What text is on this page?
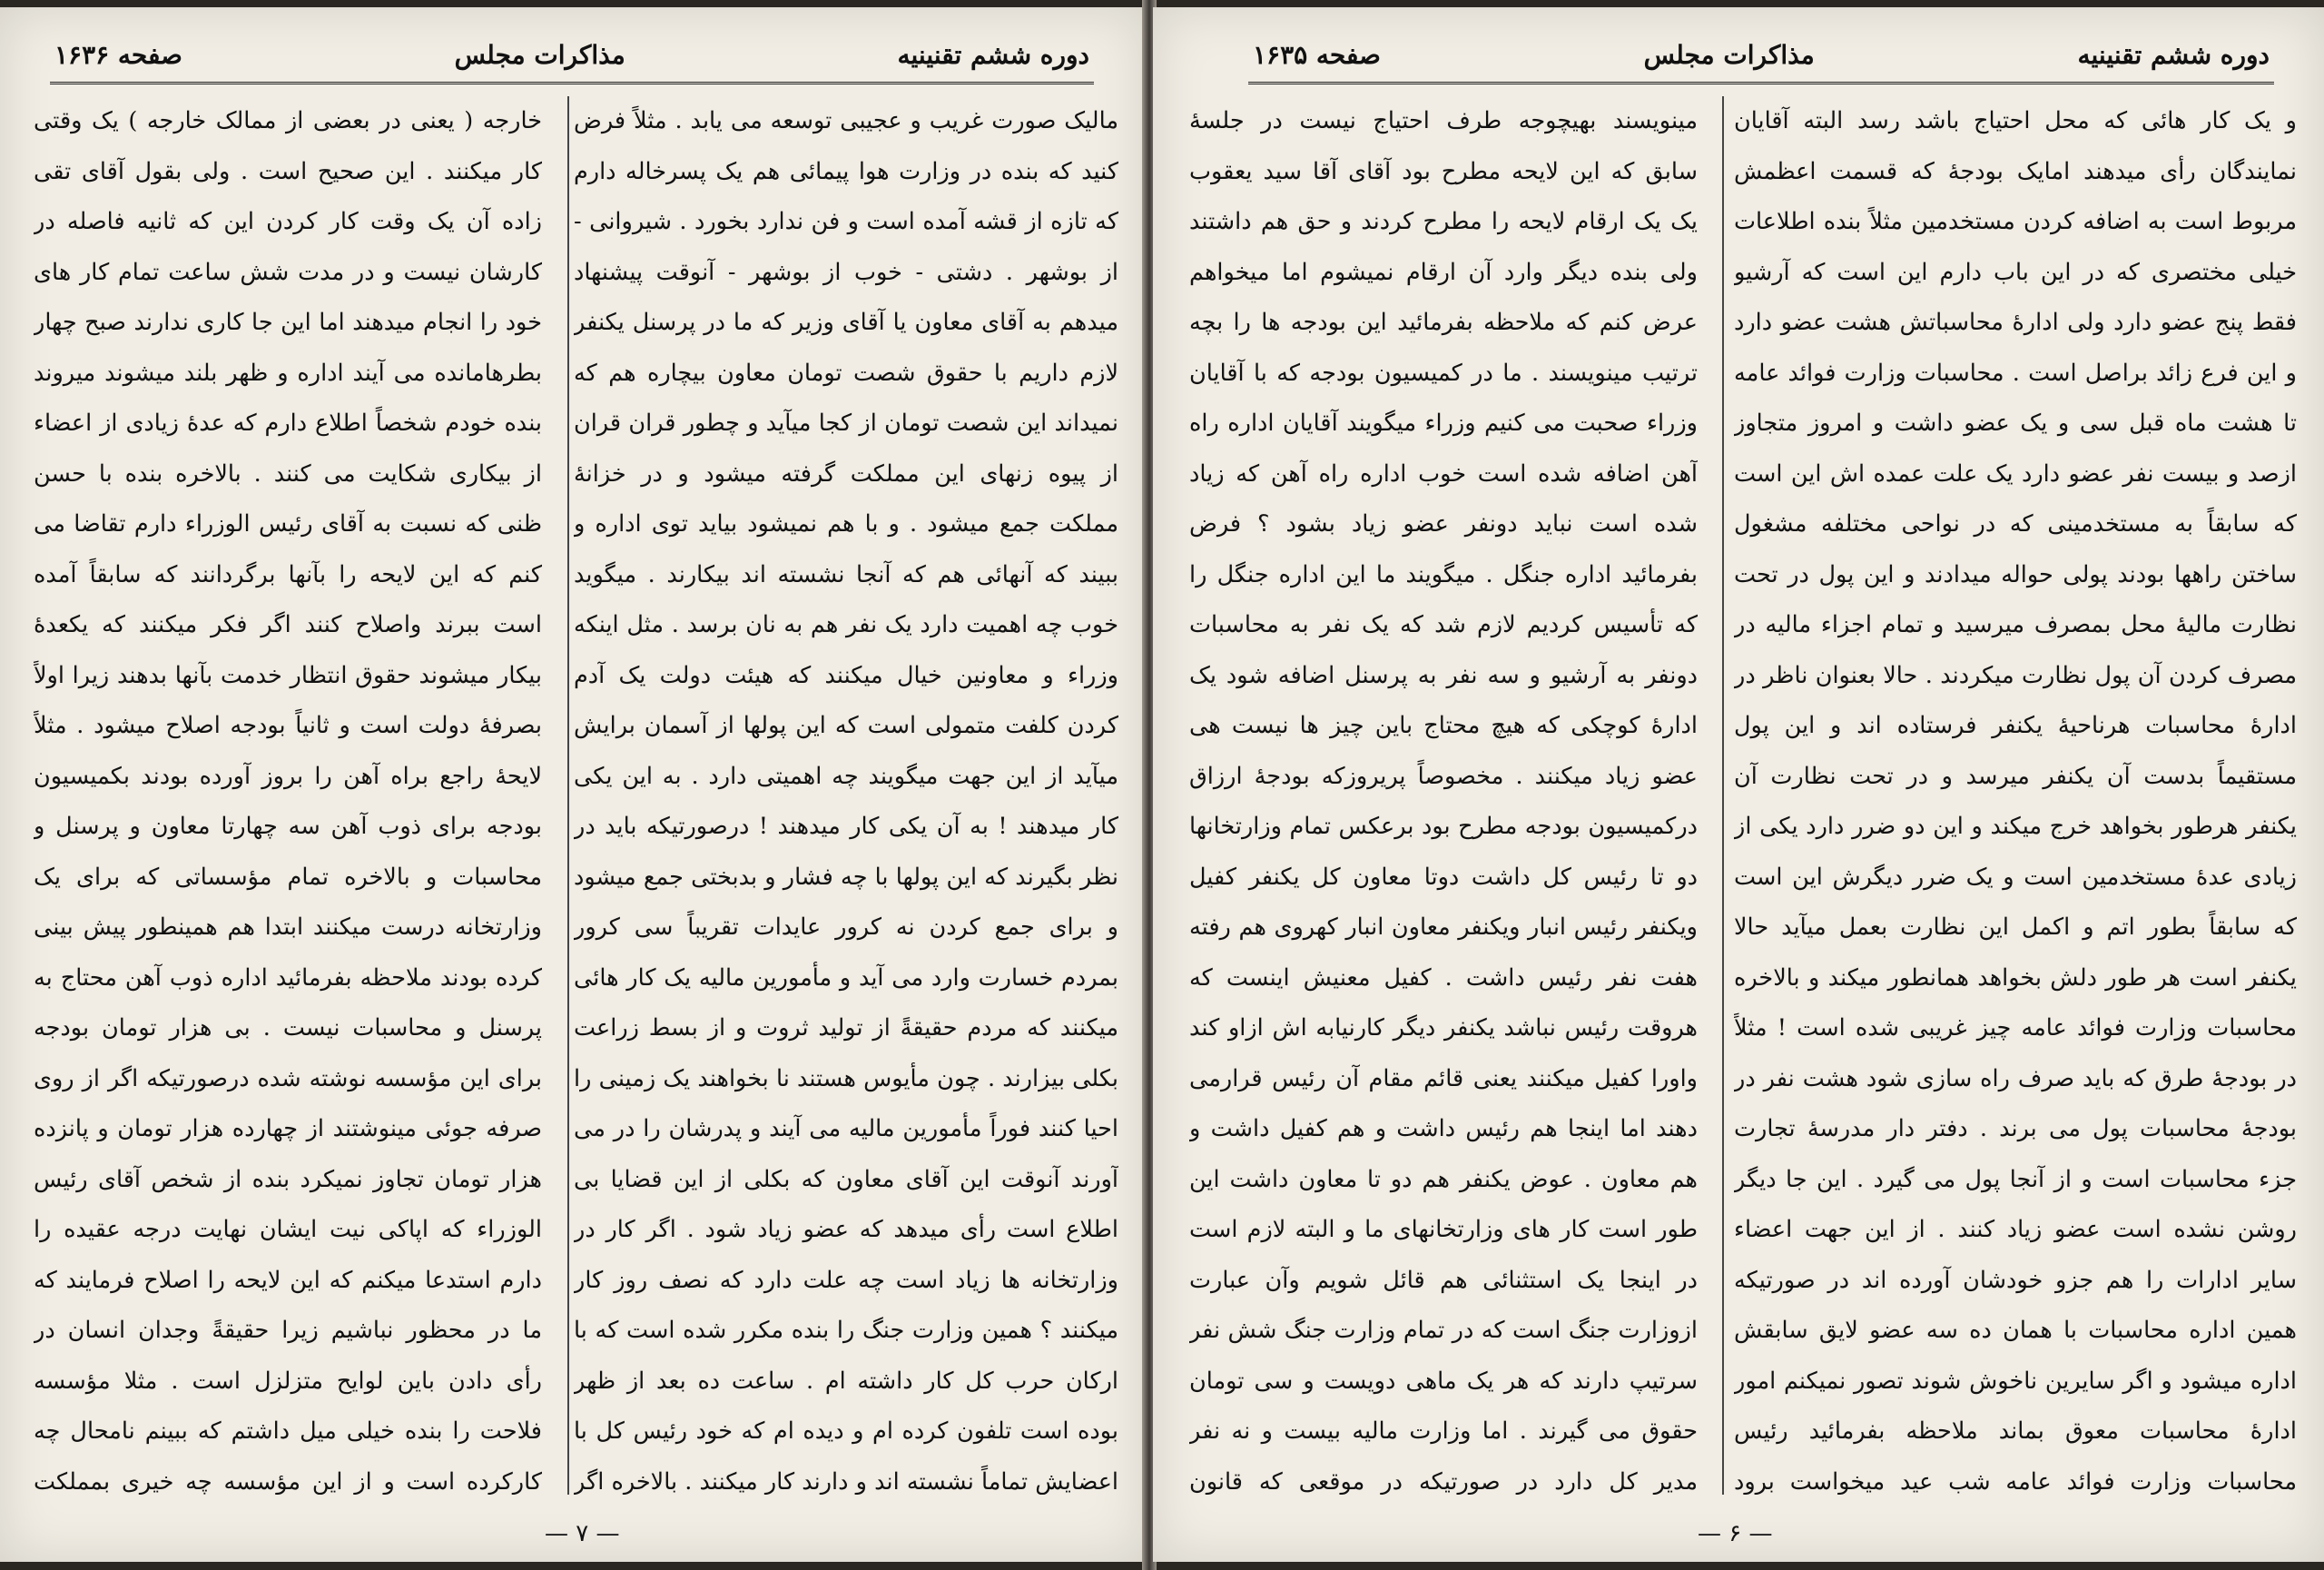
دوره ششم تقنینیه
مذاکرات مجلس
صفحه ۱۶۳۶

مالیک صورت غریب و عجیبی توسعه می یابد . مثلاً فرض کنید که بنده در وزارت هوا پیمائی هم یک پسرخاله دارم که تازه از قشه آمده است و فن ندارد بخورد . شیروانی - از بوشهر . دشتی - خوب از بوشهر - آنوقت پیشنهاد میدهم به آقای معاون یا آقای وزیر که ما در پرسنل یکنفر لازم داریم با حقوق شصت تومان معاون بیچاره هم که نمیداند این شصت تومان از کجا میآید و چطور قران قران از پیوه زنهای این مملکت گرفته میشود و در خزانهٔ مملکت جمع میشود . و با هم نمیشود بیاید توی اداره و ببیند که آنهائی هم که آنجا نشسته اند بیکارند . میگوید خوب چه اهمیت دارد یک نفر هم به نان برسد . مثل اینکه وزراء و معاونین خیال میکنند که هیئت دولت یک آدم کردن کلفت متمولی است که این پولها از آسمان برایش میآید از این جهت میگویند چه اهمیتی دارد . به این یکی کار میدهند ! به آن یکی کار میدهند ! درصورتیکه باید در نظر بگیرند که این پولها با چه فشار و بدبختی جمع میشود و برای جمع کردن نه کرور عایدات تقریباً سی کرور بمردم خسارت وارد می آید و مأمورین مالیه یک کار هائی میکنند که مردم حقیقةً از تولید ثروت و از بسط زراعت بکلی بیزارند . چون مأیوس هستند نا بخواهند یک زمینی را احیا کنند فوراً مأمورین مالیه می آیند و پدرشان را در می آورند آنوقت این آقای معاون که بکلی از این قضایا بی اطلاع است رأی میدهد که عضو زیاد شود . اگر کار در وزارتخانه ها زیاد است چه علت دارد که نصف روز کار میکنند ؟ همین وزارت جنگ را بنده مکرر شده است که با ارکان حرب کل کار داشته ام . ساعت ده بعد از ظهر بوده است تلفون کرده ام و دیده ام که خود رئیس کل با اعضایش تماماً نشسته اند و دارند کار میکنند . بالاخره اگر

خارجه ( یعنی در بعضی از ممالک خارجه ) یک وقتی کار میکنند . این صحیح است . ولی بقول آقای تقی زاده آن یک وقت کار کردن این که ثانیه فاصله در کارشان نیست و در مدت شش ساعت تمام کار های خود را انجام میدهند اما این جا کاری ندارند صبح چهار بطرهامانده می آیند اداره و ظهر بلند میشوند میروند بنده خودم شخصاً اطلاع دارم که عدهٔ زیادی از اعضاء از بیکاری شکایت می کنند . بالاخره بنده با حسن ظنی که نسبت به آقای رئیس الوزراء دارم تقاضا می کنم که این لایحه را بآنها برگردانند که سابقاً آمده است ببرند واصلاح کنند اگر فکر میکنند که یکعدهٔ بیکار میشوند حقوق انتظار خدمت بآنها بدهند زیرا اولاً بصرفهٔ دولت است و ثانیاً بودجه اصلاح میشود . مثلاً لایحهٔ راجع براه آهن را بروز آورده بودند بکمیسیون بودجه برای ذوب آهن سه چهارتا معاون و پرسنل و محاسبات و بالاخره تمام مؤسساتی که برای یک وزارتخانه درست میکنند ابتدا هم همینطور پیش بینی کرده بودند ملاحظه بفرمائید اداره ذوب آهن محتاج به پرسنل و محاسبات نیست . بی هزار تومان بودجه برای این مؤسسه نوشته شده درصورتیکه اگر از روی صرفه جوئی مینوشتند از چهارده هزار تومان و پانزده هزار تومان تجاوز نمیکرد بنده از شخص آقای رئیس الوزراء که اپاکی نیت ایشان نهایت درجه عقیده را دارم استدعا میکنم که این لایحه را اصلاح فرمایند که ما در محظور نباشیم زیرا حقیقةً وجدان انسان در رأی دادن باین لوایح متزلزل است . مثلا مؤسسه فلاحت را بنده خیلی میل داشتم که ببینم نامحال چه کارکرده است و از این مؤسسه چه خیری بمملکت

— ۷ —
دوره ششم تقنینیه
مذاکرات مجلس
صفحه ۱۶۳۵

و یک کار هائی که محل احتیاج باشد رسد البته آقایان نمایندگان رأی میدهند امایک بودجهٔ که قسمت اعظمش مربوط است به اضافه کردن مستخدمین مثلاً بنده اطلاعات خیلی مختصری که در این باب دارم این است که آرشیو فقط پنج عضو دارد ولی ادارهٔ محاسباتش هشت عضو دارد و این فرع زائد براصل است . محاسبات وزارت فوائد عامه تا هشت ماه قبل سی و یک عضو داشت و امروز متجاوز ازصد و بیست نفر عضو دارد یک علت عمده اش این است که سابقاً به مستخدمینی که در نواحی مختلفه مشغول ساختن راهها بودند پولی حواله میدادند و این پول در تحت نظارت مالیهٔ محل بمصرف میرسید و تمام اجزاء مالیه در مصرف کردن آن پول نظارت میکردند . حالا بعنوان ناظر در ادارهٔ محاسبات هرناحیهٔ یکنفر فرستاده اند و این پول مستقیماً بدست آن یکنفر میرسد و در تحت نظارت آن یکنفر هرطور بخواهد خرج میکند و این دو ضرر دارد یکی از زیادی عدهٔ مستخدمین است و یک ضرر دیگرش این است که سابقاً بطور اتم و اکمل این نظارت بعمل میآید حالا یکنفر است هر طور دلش بخواهد همانطور میکند و بالاخره محاسبات وزارت فوائد عامه چیز غریبی شده است ! مثلاً در بودجهٔ طرق که باید صرف راه سازی شود هشت نفر در بودجهٔ محاسبات پول می برند . دفتر دار مدرسهٔ تجارت جزء محاسبات است و از آنجا پول می گیرد . این جا دیگر روشن نشده است عضو زیاد کنند . از این جهت اعضاء سایر ادارات را هم جزو خودشان آورده اند در صورتیکه همین اداره محاسبات با همان ده سه عضو لایق سابقش اداره میشود و اگر سایرین ناخوش شوند تصور نمیکنم امور ادارهٔ محاسبات معوق بماند ملاحظه بفرمائید رئیس محاسبات وزارت فوائد عامه شب عید میخواست برود

مینویسند بهیچوجه طرف احتیاج نیست در جلسهٔ سابق که این لایحه مطرح بود آقای آقا سید یعقوب یک یک ارقام لایحه را مطرح کردند و حق هم داشتند ولی بنده دیگر وارد آن ارقام نمیشوم اما میخواهم عرض کنم که ملاحظه بفرمائید این بودجه ها را بچه ترتیب مینویسند . ما در کمیسیون بودجه که با آقایان وزراء صحبت می کنیم وزراء میگویند آقایان اداره راه آهن اضافه شده است خوب اداره راه آهن که زیاد شده است نباید دونفر عضو زیاد بشود ؟ فرض بفرمائید اداره جنگل . میگویند ما این اداره جنگل را که تأسیس کردیم لازم شد که یک نفر به محاسبات دونفر به آرشیو و سه نفر به پرسنل اضافه شود یک ادارهٔ کوچکی که هیچ محتاج باین چیز ها نیست هی عضو زیاد میکنند . مخصوصاً پریروزکه بودجهٔ ارزاق درکمیسیون بودجه مطرح بود برعکس تمام وزارتخانها دو تا رئیس کل داشت دوتا معاون کل یکنفر کفیل ویکنفر رئیس انبار ویکنفر معاون انبار کهروی هم رفته هفت نفر رئیس داشت . کفیل معنیش اینست که هروقت رئیس نباشد یکنفر دیگر کارنیابه اش ازاو کند واورا کفیل میکنند یعنی قائم مقام آن رئیس قرارمی دهند اما اینجا هم رئیس داشت و هم کفیل داشت و هم معاون . عوض یکنفر هم دو تا معاون داشت این طور است کار های وزارتخانهای ما و البته لازم است در اینجا یک استثنائی هم قائل شویم وآن عبارت ازوزارت جنگ است که در تمام وزارت جنگ شش نفر سرتیپ دارند که هر یک ماهی دویست و سی تومان حقوق می گیرند . اما وزارت مالیه بیست و نه نفر مدیر کل دارد در صورتیکه در موقعی که قانون

— ۶ —
